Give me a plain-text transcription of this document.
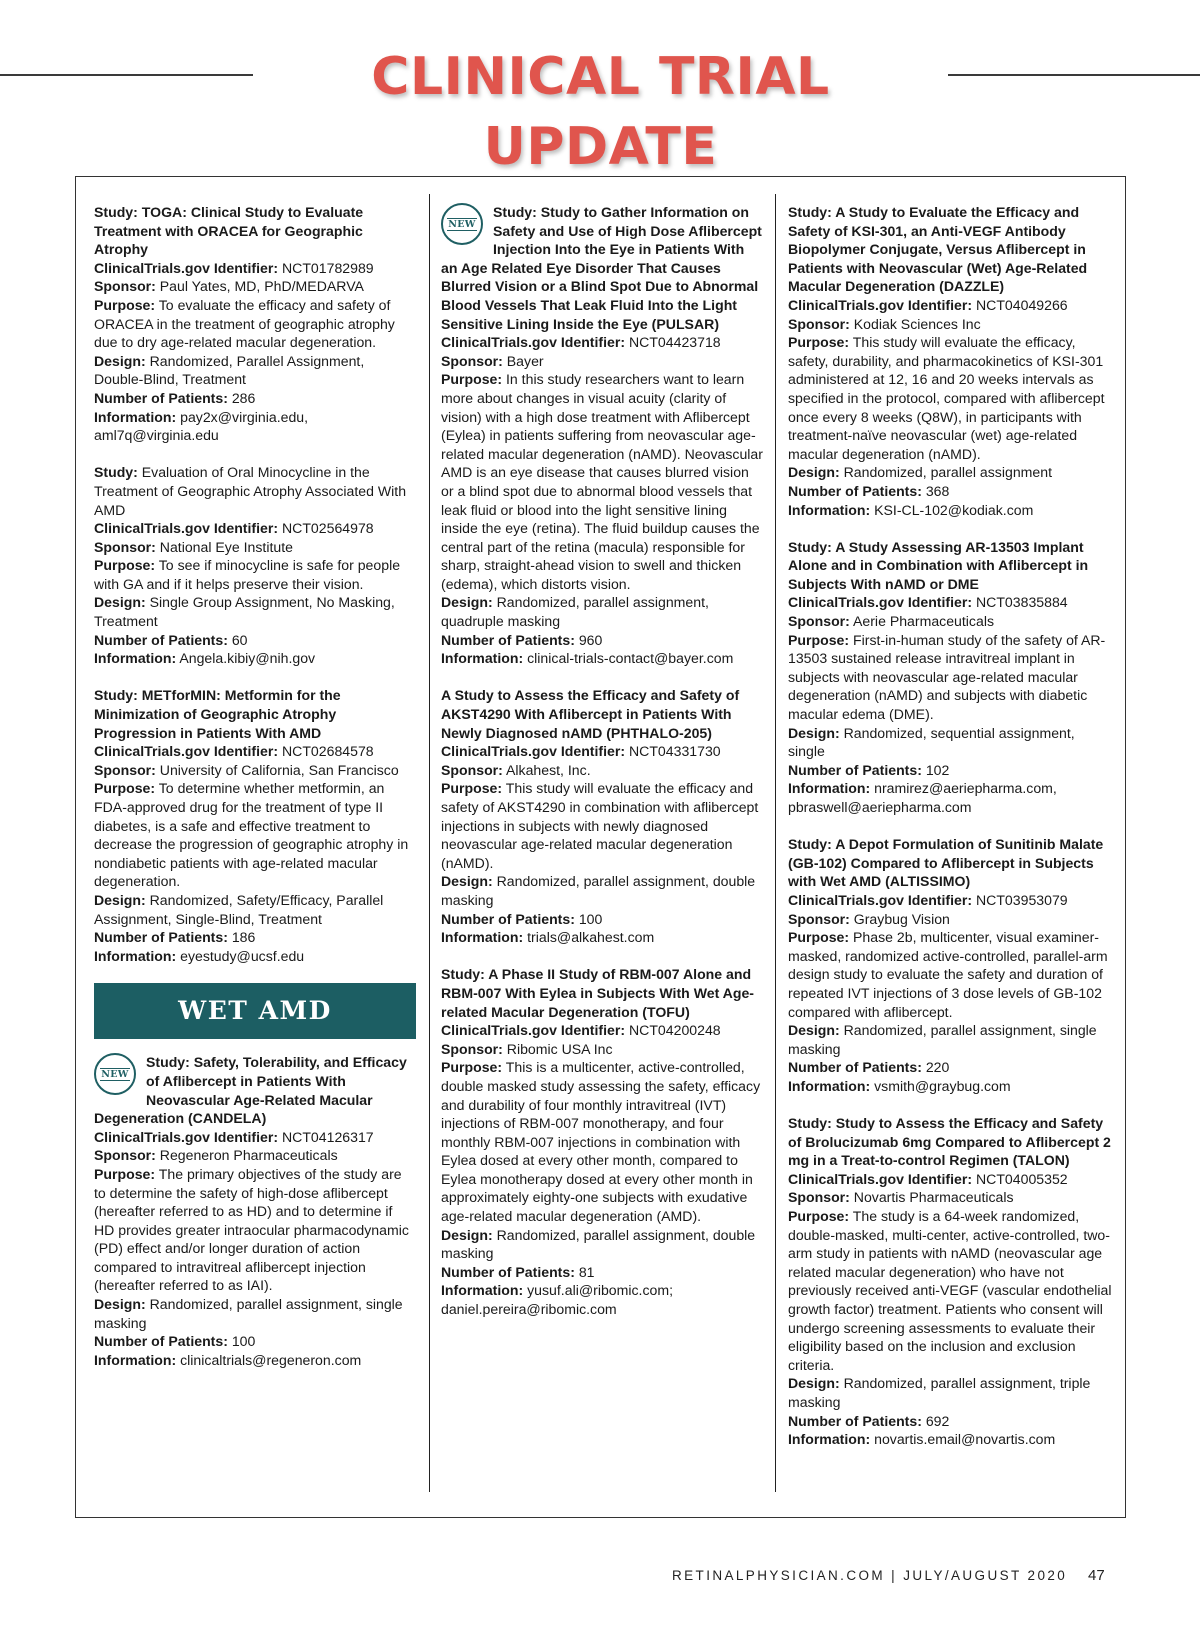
CLINICAL TRIAL UPDATE

Study: TOGA: Clinical Study to Evaluate Treatment with ORACEA for Geographic Atrophy

ClinicalTrials.gov Identifier: NCT01782989

Sponsor: Paul Yates, MD, PhD/MEDARVA

Purpose: To evaluate the efficacy and safety of ORACEA in the treatment of geographic atrophy due to dry age-related macular degeneration.

Design: Randomized, Parallel Assignment, Double-Blind, Treatment

Number of Patients: 286

Information: pay2x@virginia.edu, aml7q@virginia.edu

Study: Evaluation of Oral Minocycline in the Treatment of Geographic Atrophy Associated With AMD

ClinicalTrials.gov Identifier: NCT02564978

Sponsor: National Eye Institute

Purpose: To see if minocycline is safe for people with GA and if it helps preserve their vision.

Design: Single Group Assignment, No Masking, Treatment

Number of Patients: 60

Information: Angela.kibiy@nih.gov

Study: METforMIN: Metformin for the Minimization of Geographic Atrophy Progression in Patients With AMD

ClinicalTrials.gov Identifier: NCT02684578

Sponsor: University of California, San Francisco

Purpose: To determine whether metformin, an FDA-approved drug for the treatment of type II diabetes, is a safe and effective treatment to decrease the progression of geographic atrophy in nondiabetic patients with age-related macular degeneration.

Design: Randomized, Safety/Efficacy, Parallel Assignment, Single-Blind, Treatment

Number of Patients: 186

Information: eyestudy@ucsf.edu

WET AMD
NEW

Study: Safety, Tolerability, and Efficacy of Aflibercept in Patients With Neovascular Age-Related Macular Degeneration (CANDELA)

ClinicalTrials.gov Identifier: NCT04126317

Sponsor: Regeneron Pharmaceuticals

Purpose: The primary objectives of the study are to determine the safety of high-dose aflibercept (hereafter referred to as HD) and to determine if HD provides greater intraocular pharmacodynamic (PD) effect and/or longer duration of action compared to intravitreal aflibercept injection (hereafter referred to as IAI).

Design: Randomized, parallel assignment, single masking

Number of Patients: 100

Information: clinicaltrials@regeneron.com

NEW

Study: Study to Gather Information on Safety and Use of High Dose Aflibercept Injection Into the Eye in Patients With an Age Related Eye Disorder That Causes Blurred Vision or a Blind Spot Due to Abnormal Blood Vessels That Leak Fluid Into the Light Sensitive Lining Inside the Eye (PULSAR)

ClinicalTrials.gov Identifier: NCT04423718

Sponsor: Bayer

Purpose: In this study researchers want to learn more about changes in visual acuity (clarity of vision) with a high dose treatment with Aflibercept (Eylea) in patients suffering from neovascular age-related macular degeneration (nAMD). Neovascular AMD is an eye disease that causes blurred vision or a blind spot due to abnormal blood vessels that leak fluid or blood into the light sensitive lining inside the eye (retina). The fluid buildup causes the central part of the retina (macula) responsible for sharp, straight-ahead vision to swell and thicken (edema), which distorts vision.

Design: Randomized, parallel assignment, quadruple masking

Number of Patients: 960

Information: clinical-trials-contact@bayer.com

A Study to Assess the Efficacy and Safety of AKST4290 With Aflibercept in Patients With Newly Diagnosed nAMD (PHTHALO-205)

ClinicalTrials.gov Identifier: NCT04331730

Sponsor: Alkahest, Inc.

Purpose: This study will evaluate the efficacy and safety of AKST4290 in combination with aflibercept injections in subjects with newly diagnosed neovascular age-related macular degeneration (nAMD).

Design: Randomized, parallel assignment, double masking

Number of Patients: 100

Information: trials@alkahest.com

Study: A Phase II Study of RBM-007 Alone and RBM-007 With Eylea in Subjects With Wet Age-related Macular Degeneration (TOFU)

ClinicalTrials.gov Identifier: NCT04200248

Sponsor: Ribomic USA Inc

Purpose: This is a multicenter, active-controlled, double masked study assessing the safety, efficacy and durability of four monthly intravitreal (IVT) injections of RBM-007 monotherapy, and four monthly RBM-007 injections in combination with Eylea dosed at every other month, compared to Eylea monotherapy dosed at every other month in approximately eighty-one subjects with exudative age-related macular degeneration (AMD).

Design: Randomized, parallel assignment, double masking

Number of Patients: 81

Information: yusuf.ali@ribomic.com; daniel.pereira@ribomic.com

Study: A Study to Evaluate the Efficacy and Safety of KSI-301, an Anti-VEGF Antibody Biopolymer Conjugate, Versus Aflibercept in Patients with Neovascular (Wet) Age-Related Macular Degeneration (DAZZLE)

ClinicalTrials.gov Identifier: NCT04049266

Sponsor: Kodiak Sciences Inc

Purpose: This study will evaluate the efficacy, safety, durability, and pharmacokinetics of KSI-301 administered at 12, 16 and 20 weeks intervals as specified in the protocol, compared with aflibercept once every 8 weeks (Q8W), in participants with treatment-naïve neovascular (wet) age-related macular degeneration (nAMD).

Design: Randomized, parallel assignment

Number of Patients: 368

Information: KSI-CL-102@kodiak.com

Study: A Study Assessing AR-13503 Implant Alone and in Combination with Aflibercept in Subjects With nAMD or DME

ClinicalTrials.gov Identifier: NCT03835884

Sponsor: Aerie Pharmaceuticals

Purpose: First-in-human study of the safety of AR-13503 sustained release intravitreal implant in subjects with neovascular age-related macular degeneration (nAMD) and subjects with diabetic macular edema (DME).

Design: Randomized, sequential assignment, single

Number of Patients: 102

Information: nramirez@aeriepharma.com, pbraswell@aeriepharma.com

Study: A Depot Formulation of Sunitinib Malate (GB-102) Compared to Aflibercept in Subjects with Wet AMD (ALTISSIMO)

ClinicalTrials.gov Identifier: NCT03953079

Sponsor: Graybug Vision

Purpose: Phase 2b, multicenter, visual examiner-masked, randomized active-controlled, parallel-arm design study to evaluate the safety and duration of repeated IVT injections of 3 dose levels of GB-102 compared with aflibercept.

Design: Randomized, parallel assignment, single masking

Number of Patients: 220

Information: vsmith@graybug.com

Study: Study to Assess the Efficacy and Safety of Brolucizumab 6mg Compared to Aflibercept 2 mg in a Treat-to-control Regimen (TALON)

ClinicalTrials.gov Identifier: NCT04005352

Sponsor: Novartis Pharmaceuticals

Purpose: The study is a 64-week randomized, double-masked, multi-center, active-controlled, two-arm study in patients with nAMD (neovascular age related macular degeneration) who have not previously received anti-VEGF (vascular endothelial growth factor) treatment. Patients who consent will undergo screening assessments to evaluate their eligibility based on the inclusion and exclusion criteria.

Design: Randomized, parallel assignment, triple masking

Number of Patients: 692

Information: novartis.email@novartis.com

RETINALPHYSICIAN.COM | JULY/AUGUST 2020 47
